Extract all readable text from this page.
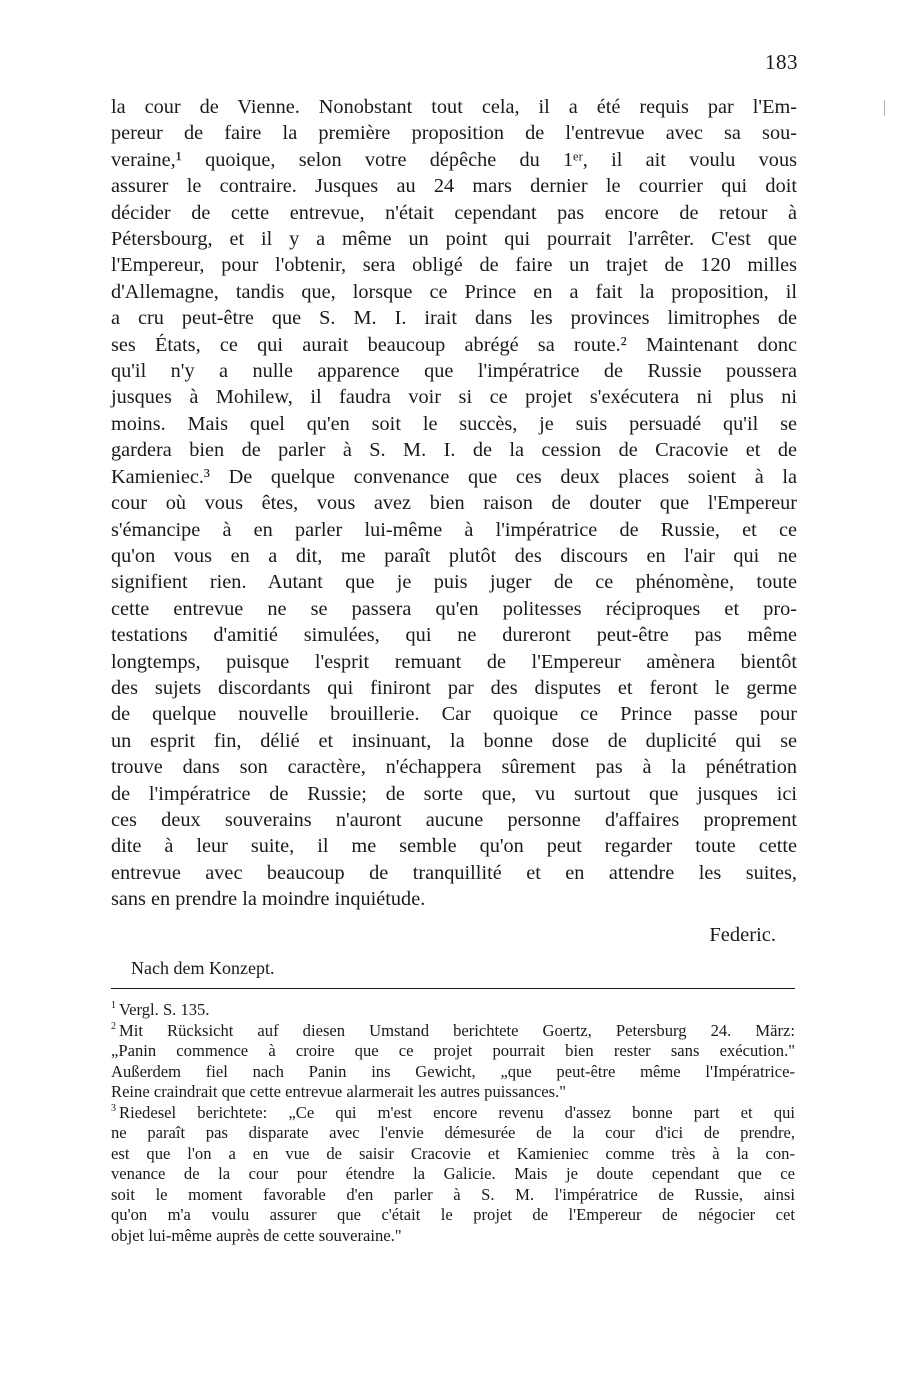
183
la cour de Vienne. Nonobstant tout cela, il a été requis par l'Em-
pereur de faire la première proposition de l'entrevue avec sa sou-
veraine,¹ quoique, selon votre dépêche du 1ᵉʳ, il ait voulu vous
assurer le contraire. Jusques au 24 mars dernier le courrier qui doit
décider de cette entrevue, n'était cependant pas encore de retour à
Pétersbourg, et il y a même un point qui pourrait l'arrêter. C'est que
l'Empereur, pour l'obtenir, sera obligé de faire un trajet de 120 milles
d'Allemagne, tandis que, lorsque ce Prince en a fait la proposition, il
a cru peut-être que S. M. I. irait dans les provinces limitrophes de
ses États, ce qui aurait beaucoup abrégé sa route.² Maintenant donc
qu'il n'y a nulle apparence que l'impératrice de Russie poussera
jusques à Mohilew, il faudra voir si ce projet s'exécutera ni plus ni
moins. Mais quel qu'en soit le succès, je suis persuadé qu'il se
gardera bien de parler à S. M. I. de la cession de Cracovie et de
Kamieniec.³ De quelque convenance que ces deux places soient à la
cour où vous êtes, vous avez bien raison de douter que l'Empereur
s'émancipe à en parler lui-même à l'impératrice de Russie, et ce
qu'on vous en a dit, me paraît plutôt des discours en l'air qui ne
signifient rien. Autant que je puis juger de ce phénomène, toute
cette entrevue ne se passera qu'en politesses réciproques et pro-
testations d'amitié simulées, qui ne dureront peut-être pas même
longtemps, puisque l'esprit remuant de l'Empereur amènera bientôt
des sujets discordants qui finiront par des disputes et feront le germe
de quelque nouvelle brouillerie. Car quoique ce Prince passe pour
un esprit fin, délié et insinuant, la bonne dose de duplicité qui se
trouve dans son caractère, n'échappera sûrement pas à la pénétration
de l'impératrice de Russie; de sorte que, vu surtout que jusques ici
ces deux souverains n'auront aucune personne d'affaires proprement
dite à leur suite, il me semble qu'on peut regarder toute cette
entrevue avec beaucoup de tranquillité et en attendre les suites,
sans en prendre la moindre inquiétude.
Federic.
Nach dem Konzept.
$^1$ Vergl. S. 135.
$^2$ Mit Rücksicht auf diesen Umstand berichtete Goertz, Petersburg 24. März:
„Panin commence à croire que ce projet pourrait bien rester sans exécution."
Außerdem fiel nach Panin ins Gewicht, „que peut-être même l'Impératrice-
Reine craindrait que cette entrevue alarmerait les autres puissances."
$^3$ Riedesel berichtete: „Ce qui m'est encore revenu d'assez bonne part et qui
ne paraît pas disparate avec l'envie démesurée de la cour d'ici de prendre,
est que l'on a en vue de saisir Cracovie et Kamieniec comme très à la con-
venance de la cour pour étendre la Galicie. Mais je doute cependant que ce
soit le moment favorable d'en parler à S. M. l'impératrice de Russie, ainsi
qu'on m'a voulu assurer que c'était le projet de l'Empereur de négocier cet
objet lui-même auprès de cette souveraine."
